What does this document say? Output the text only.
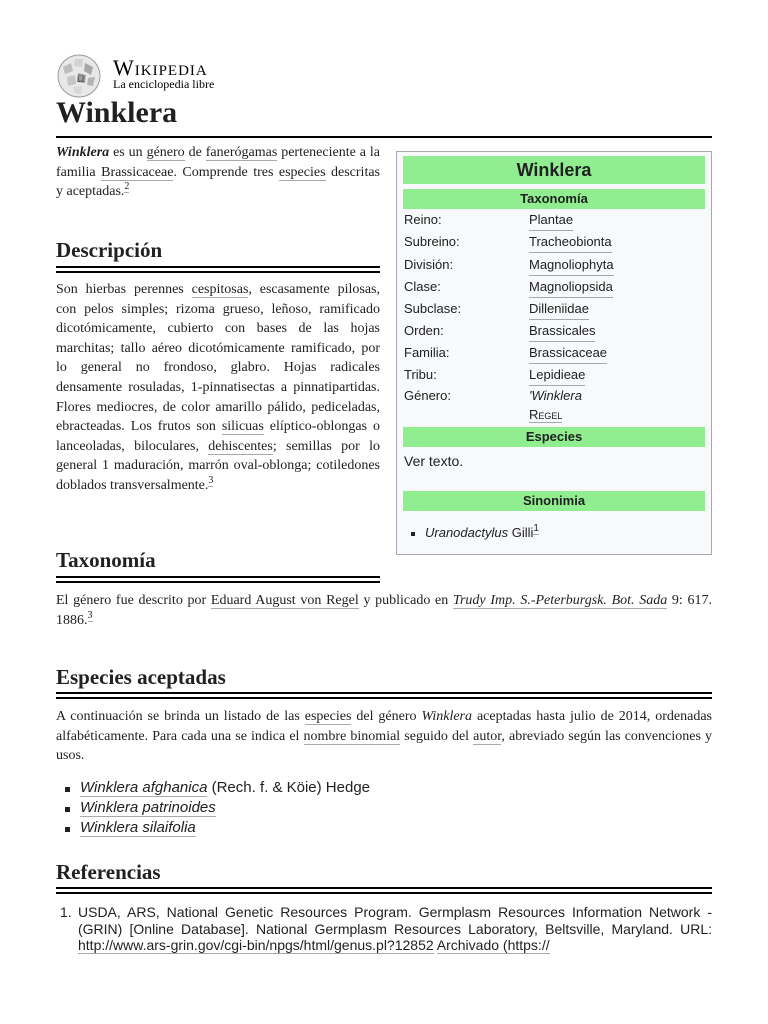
Ω Wikipedia
La enciclopedia libre
Winklera
Winklera es un género de fanerógamas perteneciente a la familia Brassicaceae. Comprende tres especies descritas y aceptadas.$^2$
Descripción
Son hierbas perennes cespitosas, escasamente pilosas, con pelos simples; rizoma grueso, leñoso, ramificado dicotómicamente, cubierto con bases de las hojas marchitas; tallo aéreo dicotómicamente ramificado, por lo general no frondoso, glabro. Hojas radicales densamente rosuladas, 1-pinnatisectas a pinnatipartidas. Flores mediocres, de color amarillo pálido, pediceladas, ebracteadas. Los frutos son silicuas elíptico-oblongas o lanceoladas, biloculares, dehiscentes; semillas por lo general 1 maduración, marrón oval-oblonga; cotiledones doblados transversalmente.$^3$
Winklera
Taxonomía
Reino:	Plantae
Subreino:	Tracheobionta
División:	Magnoliophyta
Clase:	Magnoliopsida
Subclase:	Dilleniidae
Orden:	Brassicales
Familia:	Brassicaceae
Tribu:	Lepidieae
Género:	'Winklera
Regel
Especies
Ver texto.
Sinonimia
Uranodactylus Gilli$^1$
Taxonomía
El género fue descrito por Eduard August von Regel y publicado en Trudy Imp. S.-Peterburgsk. Bot. Sada 9: 617. 1886.$^3$
Especies aceptadas
A continuación se brinda un listado de las especies del género Winklera aceptadas hasta julio de 2014, ordenadas alfabéticamente. Para cada una se indica el nombre binomial seguido del autor, abreviado según las convenciones y usos.
Winklera afghanica (Rech. f. & Köie) Hedge
Winklera patrinoides
Winklera silaifolia
Referencias
1. USDA, ARS, National Genetic Resources Program. Germplasm Resources Information Network - (GRIN) [Online Database]. National Germplasm Resources Laboratory, Beltsville, Maryland. URL: http://www.ars-grin.gov/cgi-bin/npgs/html/genus.pl?12852 Archivado (https://
